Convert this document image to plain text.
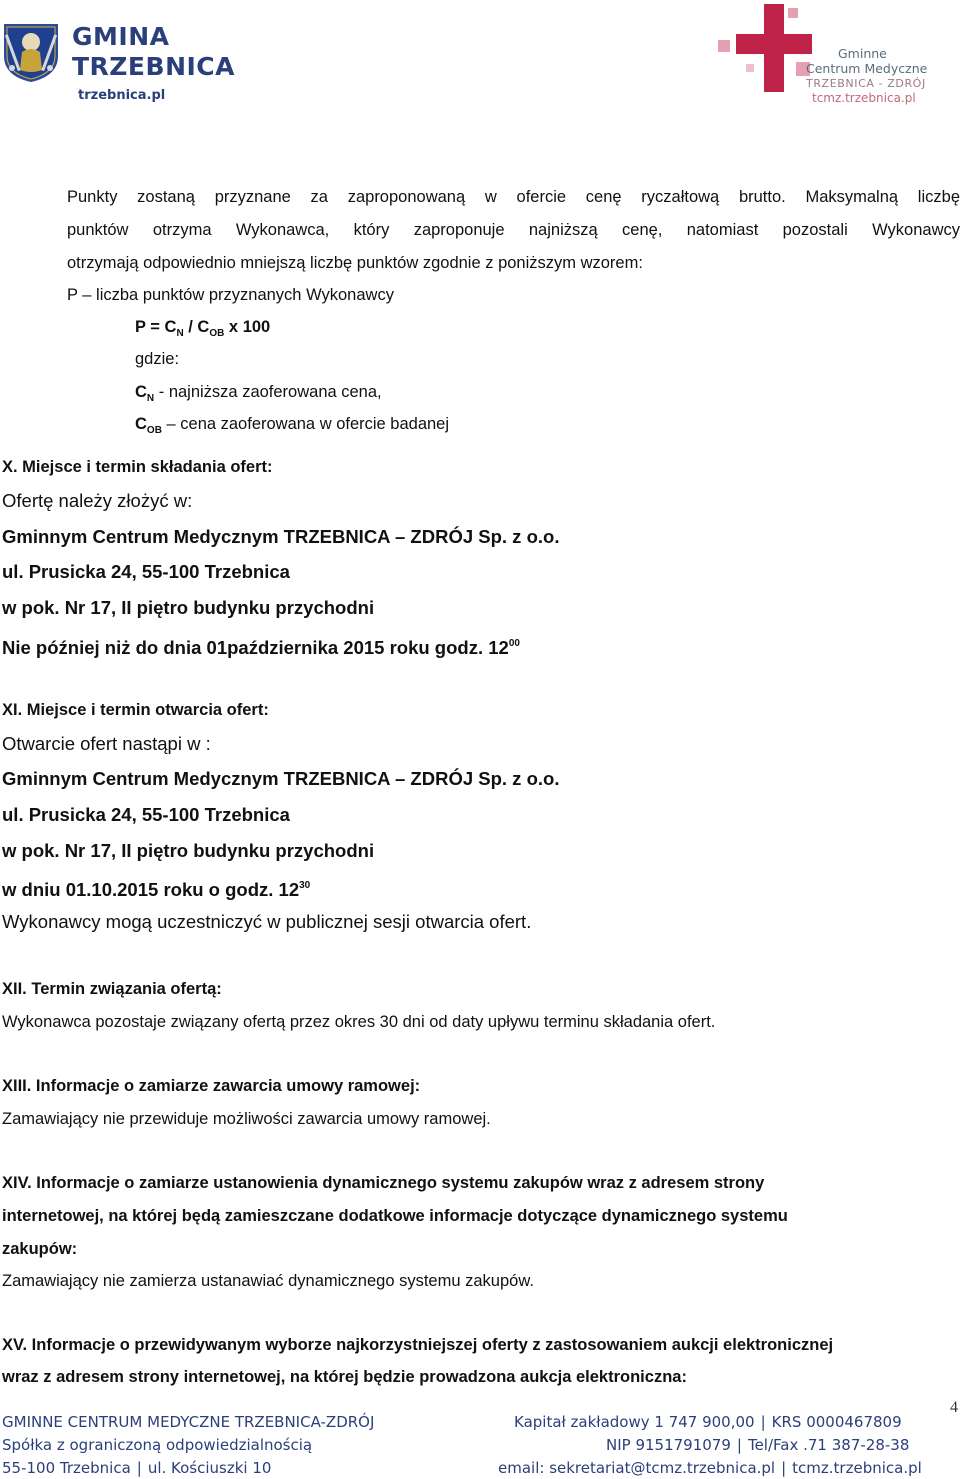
GMINA
TRZEBNICA
trzebnica.pl
Gminne
Centrum Medyczne
TRZEBNICA - ZDRÓJ
tcmz.trzebnica.pl
Punkty zostaną przyznane za zaproponowaną w ofercie cenę ryczałtową brutto. Maksymalną liczbę
punktów otrzyma Wykonawca, który zaproponuje najniższą cenę, natomiast pozostali Wykonawcy
otrzymają odpowiednio mniejszą liczbę punktów zgodnie z poniższym wzorem:
P – liczba punktów przyznanych Wykonawcy
$P = C_N / C_{OB}$ x 100
gdzie:
$C_N$ - najniższa zaoferowana cena,
$C_{OB}$ – cena zaoferowana w ofercie badanej
X. Miejsce i termin składania ofert:
Ofertę należy złożyć w:
Gminnym Centrum Medycznym TRZEBNICA – ZDRÓJ Sp. z o.o.
ul. Prusicka 24, 55-100 Trzebnica
w pok. Nr 17, II piętro budynku przychodni
Nie później niż do dnia 01października 2015 roku godz. $12^{00}$
XI. Miejsce i termin otwarcia ofert:
Otwarcie ofert nastąpi w :
Gminnym Centrum Medycznym TRZEBNICA – ZDRÓJ Sp. z o.o.
ul. Prusicka 24, 55-100 Trzebnica
w pok. Nr 17, II piętro budynku przychodni
w dniu 01.10.2015 roku o godz. $12^{30}$
Wykonawcy mogą uczestniczyć w publicznej sesji otwarcia ofert.
XII. Termin związania ofertą:
Wykonawca pozostaje związany ofertą przez okres 30 dni od daty upływu terminu składania ofert.
XIII. Informacje o zamiarze zawarcia umowy ramowej:
Zamawiający nie przewiduje możliwości zawarcia umowy ramowej.
XIV. Informacje o zamiarze ustanowienia dynamicznego systemu zakupów wraz z adresem strony
internetowej, na której będą zamieszczane dodatkowe informacje dotyczące dynamicznego systemu
zakupów:
Zamawiający nie zamierza ustanawiać dynamicznego systemu zakupów.
XV. Informacje o przewidywanym wyborze najkorzystniejszej oferty z zastosowaniem aukcji elektronicznej
wraz z adresem strony internetowej, na której będzie prowadzona aukcja elektroniczna:
4
GMINNE CENTRUM MEDYCZNE TRZEBNICA-ZDRÓJ
Spółka z ograniczoną odpowiedzialnością
55-100 Trzebnica | ul. Kościuszki 10
Kapitał zakładowy 1 747 900,00 | KRS 0000467809
NIP 9151791079 | Tel/Fax .71 387-28-38
email: sekretariat@tcmz.trzebnica.pl | tcmz.trzebnica.pl
